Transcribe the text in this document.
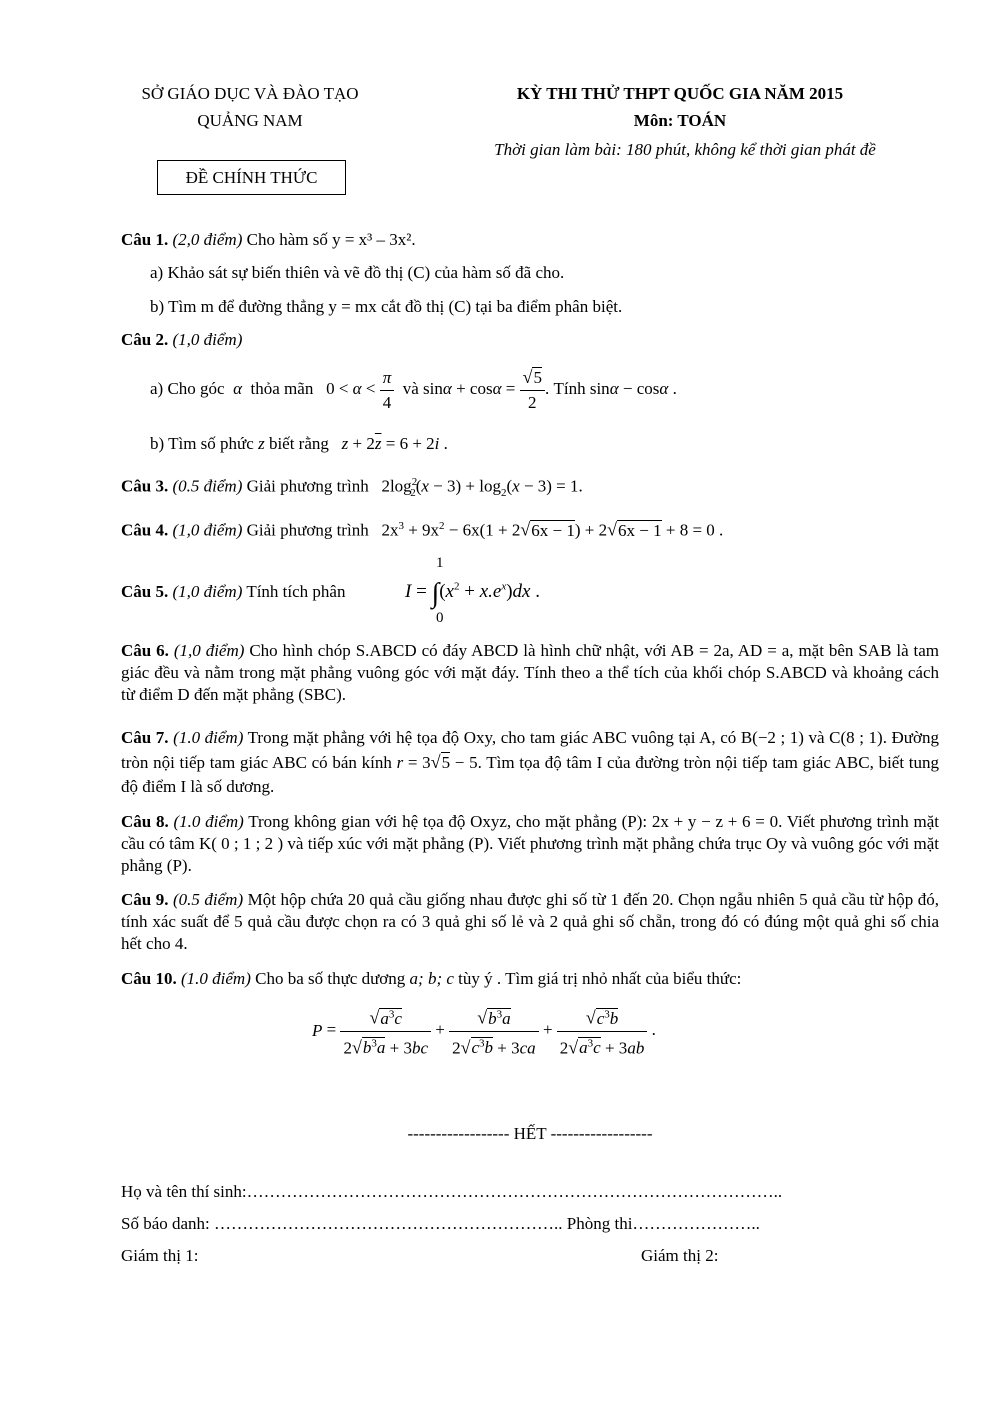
SỞ GIÁO DỤC VÀ ĐÀO TẠO
QUẢNG NAM
ĐỀ CHÍNH THỨC
KỲ THI THỬ THPT QUỐC GIA NĂM 2015
Môn: TOÁN
Thời gian làm bài: 180 phút, không kể thời gian phát đề
Câu 1. (2,0 điểm) Cho hàm số y = x³ – 3x².
a) Khảo sát sự biến thiên và vẽ đồ thị (C) của hàm số đã cho.
b) Tìm m để đường thẳng y = mx cắt đồ thị (C) tại ba điểm phân biệt.
Câu 2. (1,0 điểm)
a) Cho góc  α  thỏa mãn   $0 < \alpha < \frac{\pi}{4}$ và $\sin\alpha + \cos\alpha = \frac{√5}{2}$ . Tính sinα − cosα .
b) Tìm số phức z biết rằng $z + 2\overline{z} = 6 + 2i$ .
Câu 3. (0.5 điểm) Giải phương trình   $2\log^2_2(x - 3) + \log_2(x - 3) = 1$.
Câu 4. (1,0 điểm) Giải phương trình   $2x^3 + 9x^2 - 6x(1 + 2√6x - 1) + 2√6x - 1 + 8 = 0$ .
Câu 5. (1,0 điểm) Tính tích phân
1
$I = \int(x^2 + x.e^x)dx$ .
0
Câu 6. (1,0 điểm) Cho hình chóp S.ABCD có đáy ABCD là hình chữ nhật, với AB = 2a, AD = a, mặt bên SAB là tam giác đều và nằm trong mặt phẳng vuông góc với mặt đáy. Tính theo a thể tích của khối chóp S.ABCD và khoảng cách từ điểm D đến mặt phẳng (SBC).
Câu 7. (1.0 điểm) Trong mặt phẳng với hệ tọa độ Oxy, cho tam giác ABC vuông tại A, có B(−2 ; 1) và C(8 ; 1). Đường tròn nội tiếp tam giác ABC có bán kính r = 3√5 − 5. Tìm tọa độ tâm I của đường tròn nội tiếp tam giác ABC, biết tung độ điểm I là số dương.
Câu 8. (1.0 điểm) Trong không gian với hệ tọa độ Oxyz, cho mặt phẳng (P): 2x + y − z + 6 = 0. Viết phương trình mặt cầu có tâm K( 0 ; 1 ; 2 ) và tiếp xúc với mặt phẳng (P). Viết phương trình mặt phẳng chứa trục Oy và vuông góc với mặt phẳng (P).
Câu 9. (0.5 điểm) Một hộp chứa 20 quả cầu giống nhau được ghi số từ 1 đến 20. Chọn ngẫu nhiên 5 quả cầu từ hộp đó, tính xác suất để 5 quả cầu được chọn ra có 3 quả ghi số lẻ và 2 quả ghi số chẵn, trong đó có đúng một quả ghi số chia hết cho 4.
Câu 10. (1.0 điểm) Cho ba số thực dương a; b; c tùy ý . Tìm giá trị nhỏ nhất của biểu thức:
$P = \frac{√a^3c}{2√b^3a + 3bc} + \frac{√b^3a}{2√c^3b + 3ca} + \frac{√c^3b}{2√a^3c + 3ab}$ .
------------------ HẾT ------------------
Họ và tên thí sinh:…………………………………………………………………………………..
Số báo danh: …………………………………………………….. Phòng thi…………………..
Giám thị 1:	Giám thị 2:
